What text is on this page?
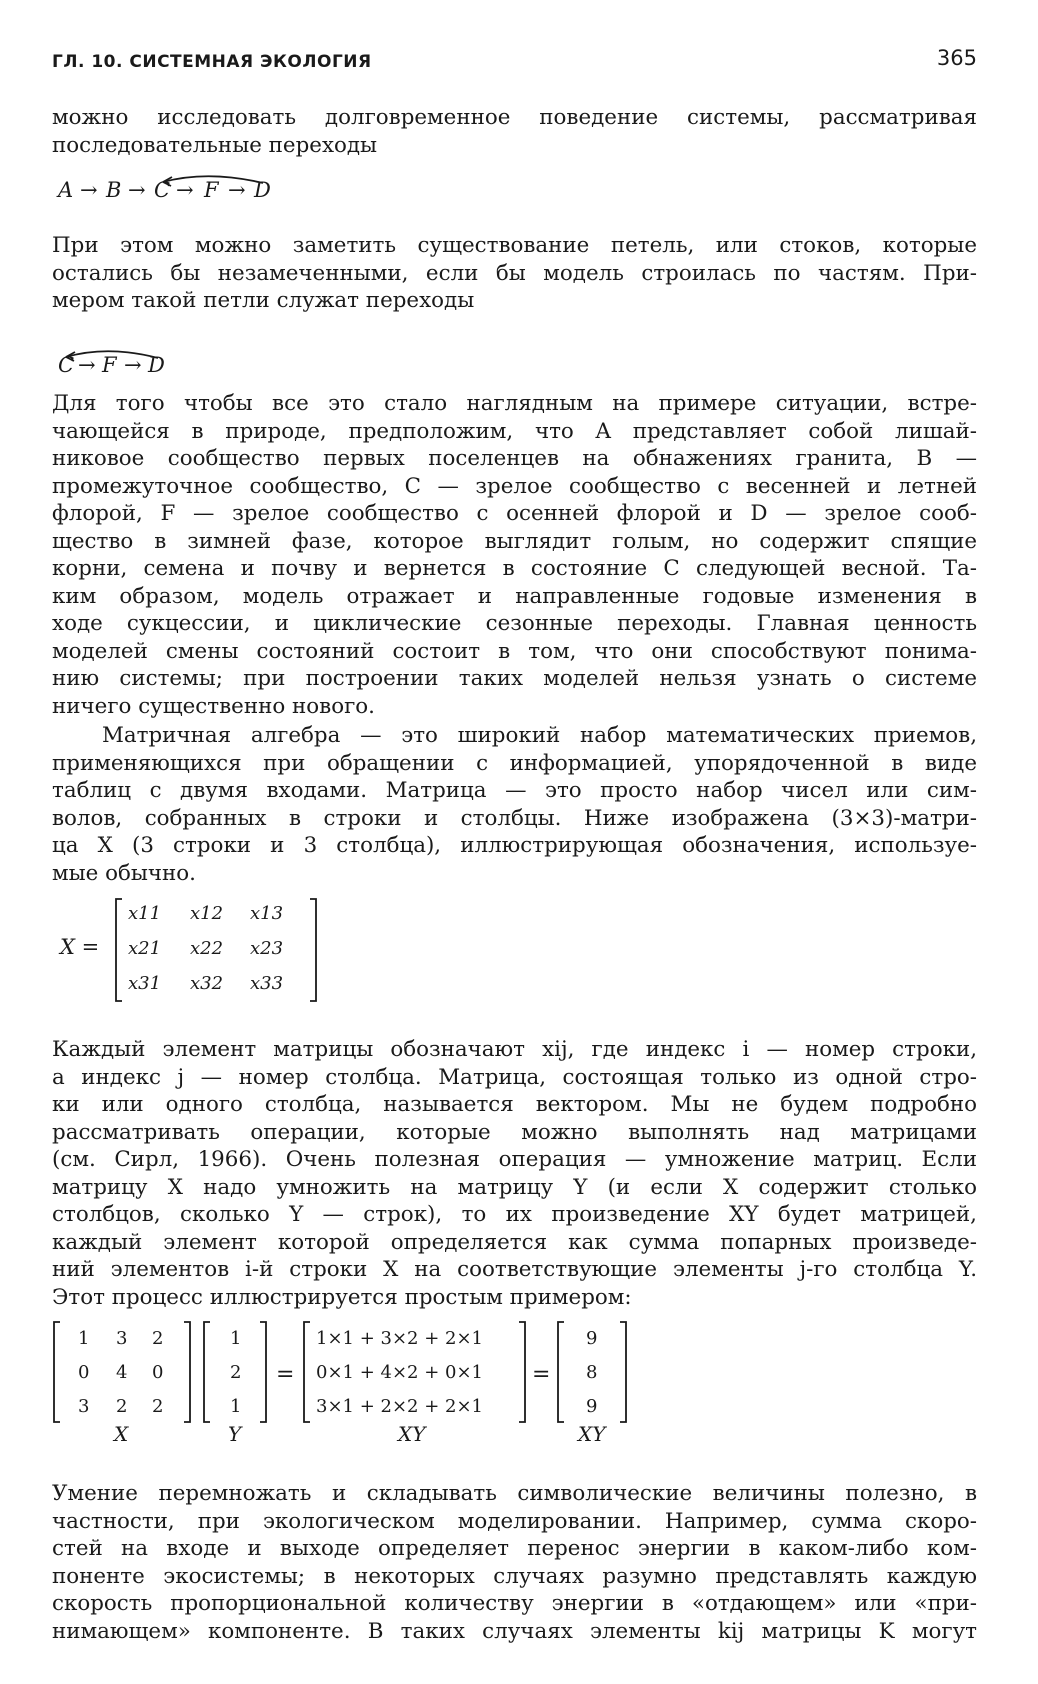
ГЛ. 10. СИСТЕМНАЯ ЭКОЛОГИЯ	365
можно исследовать долговременное поведение системы, рассматривая
последовательные переходы
A → B → C → F → D
При этом можно заметить существование петель, или стоков, которые
остались бы незамеченными, если бы модель строилась по частям. При-
мером такой петли служат переходы
C → F → D
Для того чтобы все это стало наглядным на примере ситуации, встре-
чающейся в природе, предположим, что A представляет собой лишай-
никовое сообщество первых поселенцев на обнажениях гранита, B —
промежуточное сообщество, C — зрелое сообщество с весенней и летней
флорой, F — зрелое сообщество с осенней флорой и D — зрелое сооб-
щество в зимней фазе, которое выглядит голым, но содержит спящие
корни, семена и почву и вернется в состояние C следующей весной. Та-
ким образом, модель отражает и направленные годовые изменения в
ходе сукцессии, и циклические сезонные переходы. Главная ценность
моделей смены состояний состоит в том, что они способствуют понима-
нию системы; при построении таких моделей нельзя узнать о системе
ничего существенно нового.
Матричная алгебра — это широкий набор математических приемов,
применяющихся при обращении с информацией, упорядоченной в виде
таблиц с двумя входами. Матрица — это просто набор чисел или сим-
волов, собранных в строки и столбцы. Ниже изображена (3×3)-матри-
ца X (3 строки и 3 столбца), иллюстрирующая обозначения, используе-
мые обычно.
X =
x11 x12 x13
x21 x22 x23
x31 x32 x33
Каждый элемент матрицы обозначают xij, где индекс i — номер строки,
а индекс j — номер столбца. Матрица, состоящая только из одной стро-
ки или одного столбца, называется вектором. Мы не будем подробно
рассматривать операции, которые можно выполнять над матрицами
(см. Сирл, 1966). Очень полезная операция — умножение матриц. Если
матрицу X надо умножить на матрицу Y (и если X содержит столько
столбцов, сколько Y — строк), то их произведение XY будет матрицей,
каждый элемент которой определяется как сумма попарных произведе-
ний элементов i-й строки X на соответствующие элементы j-го столбца Y.
Этот процесс иллюстрируется простым примером:
1 3 2
0 4 0
3 2 2
1
2
1
=
1×1 + 3×2 + 2×1
0×1 + 4×2 + 0×1
3×1 + 2×2 + 2×1
=
9
8
9
X	Y	XY	XY
Умение перемножать и складывать символические величины полезно, в
частности, при экологическом моделировании. Например, сумма скоро-
стей на входе и выходе определяет перенос энергии в каком-либо ком-
поненте экосистемы; в некоторых случаях разумно представлять каждую
скорость пропорциональной количеству энергии в «отдающем» или «при-
нимающем» компоненте. В таких случаях элементы kij матрицы K могут
